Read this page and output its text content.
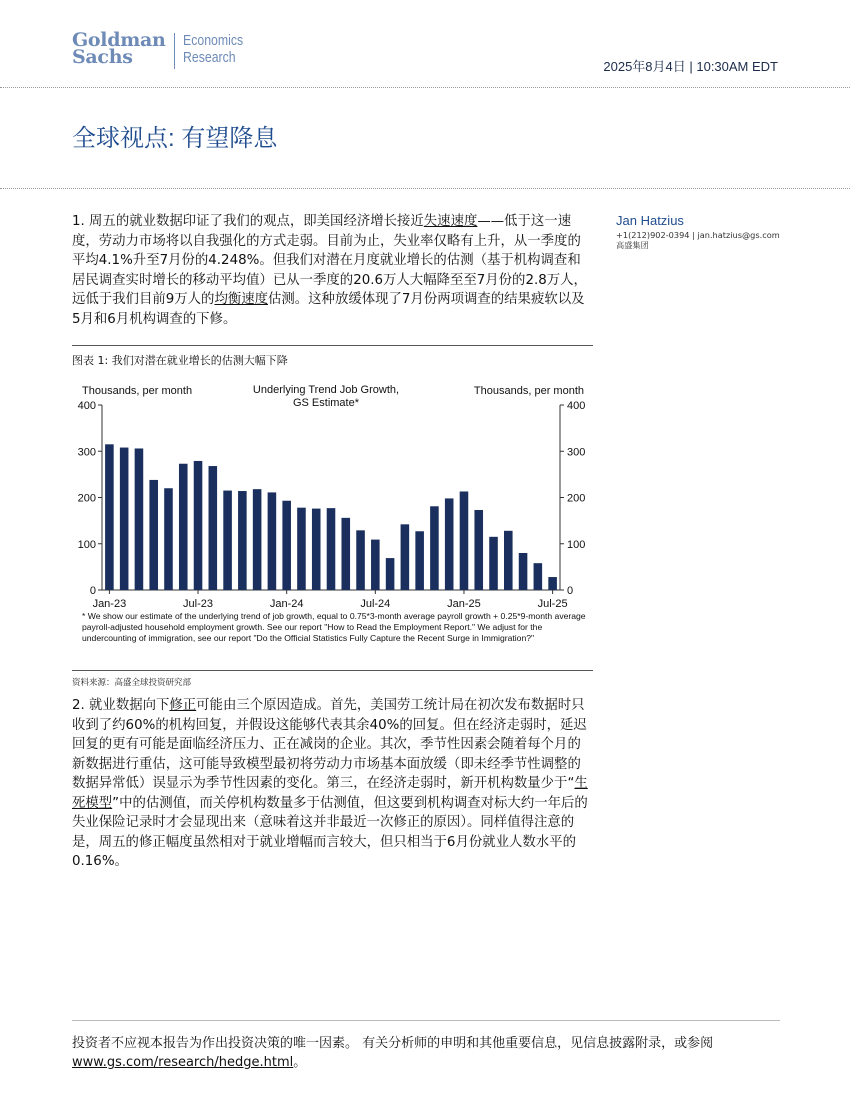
Goldman
Sachs
Economics
Research
2025年8月4日 | 10:30AM EDT
全球视点: 有望降息
Jan Hatzius
+1(212)902-0394 | jan.hatzius@gs.com
高盛集团
1. 周五的就业数据印证了我们的观点，即美国经济增长接近失速速度——低于这一速度，劳动力市场将以自我强化的方式走弱。目前为止，失业率仅略有上升，从一季度的平均4.1%升至7月份的4.248%。但我们对潜在月度就业增长的估测（基于机构调查和居民调查实时增长的移动平均值）已从一季度的20.6万人大幅降至至7月份的2.8万人，远低于我们目前9万人的均衡速度估测。这种放缓体现了7月份两项调查的结果疲软以及5月和6月机构调查的下修。
图表 1: 我们对潜在就业增长的估测大幅下降
0	0
100	100
200	200
300	300
400	400
Jan-23	Jul-23	Jan-24	Jul-24	Jan-25	Jul-25
Thousands, per month	Thousands, per month
Underlying Trend Job Growth,
GS Estimate*
* We show our estimate of the underlying trend of job growth, equal to 0.75*3-month average payroll growth + 0.25*9-month average payroll-adjusted household employment growth. See our report "How to Read the Employment Report." We adjust for the undercounting of immigration, see our report "Do the Official Statistics Fully Capture the Recent Surge in Immigration?"
资料来源：高盛全球投资研究部
2. 就业数据向下修正可能由三个原因造成。首先，美国劳工统计局在初次发布数据时只收到了约60%的机构回复，并假设这能够代表其余40%的回复。但在经济走弱时，延迟回复的更有可能是面临经济压力、正在减岗的企业。其次，季节性因素会随着每个月的新数据进行重估，这可能导致模型最初将劳动力市场基本面放缓（即未经季节性调整的数据异常低）误显示为季节性因素的变化。第三，在经济走弱时，新开机构数量少于“生死模型”中的估测值，而关停机构数量多于估测值，但这要到机构调查对标大约一年后的失业保险记录时才会显现出来（意味着这并非最近一次修正的原因）。同样值得注意的是，周五的修正幅度虽然相对于就业增幅而言较大，但只相当于6月份就业人数水平的0.16%。
投资者不应视本报告为作出投资决策的唯一因素。 有关分析师的申明和其他重要信息，见信息披露附录，或参阅www.gs.com/research/hedge.html。
